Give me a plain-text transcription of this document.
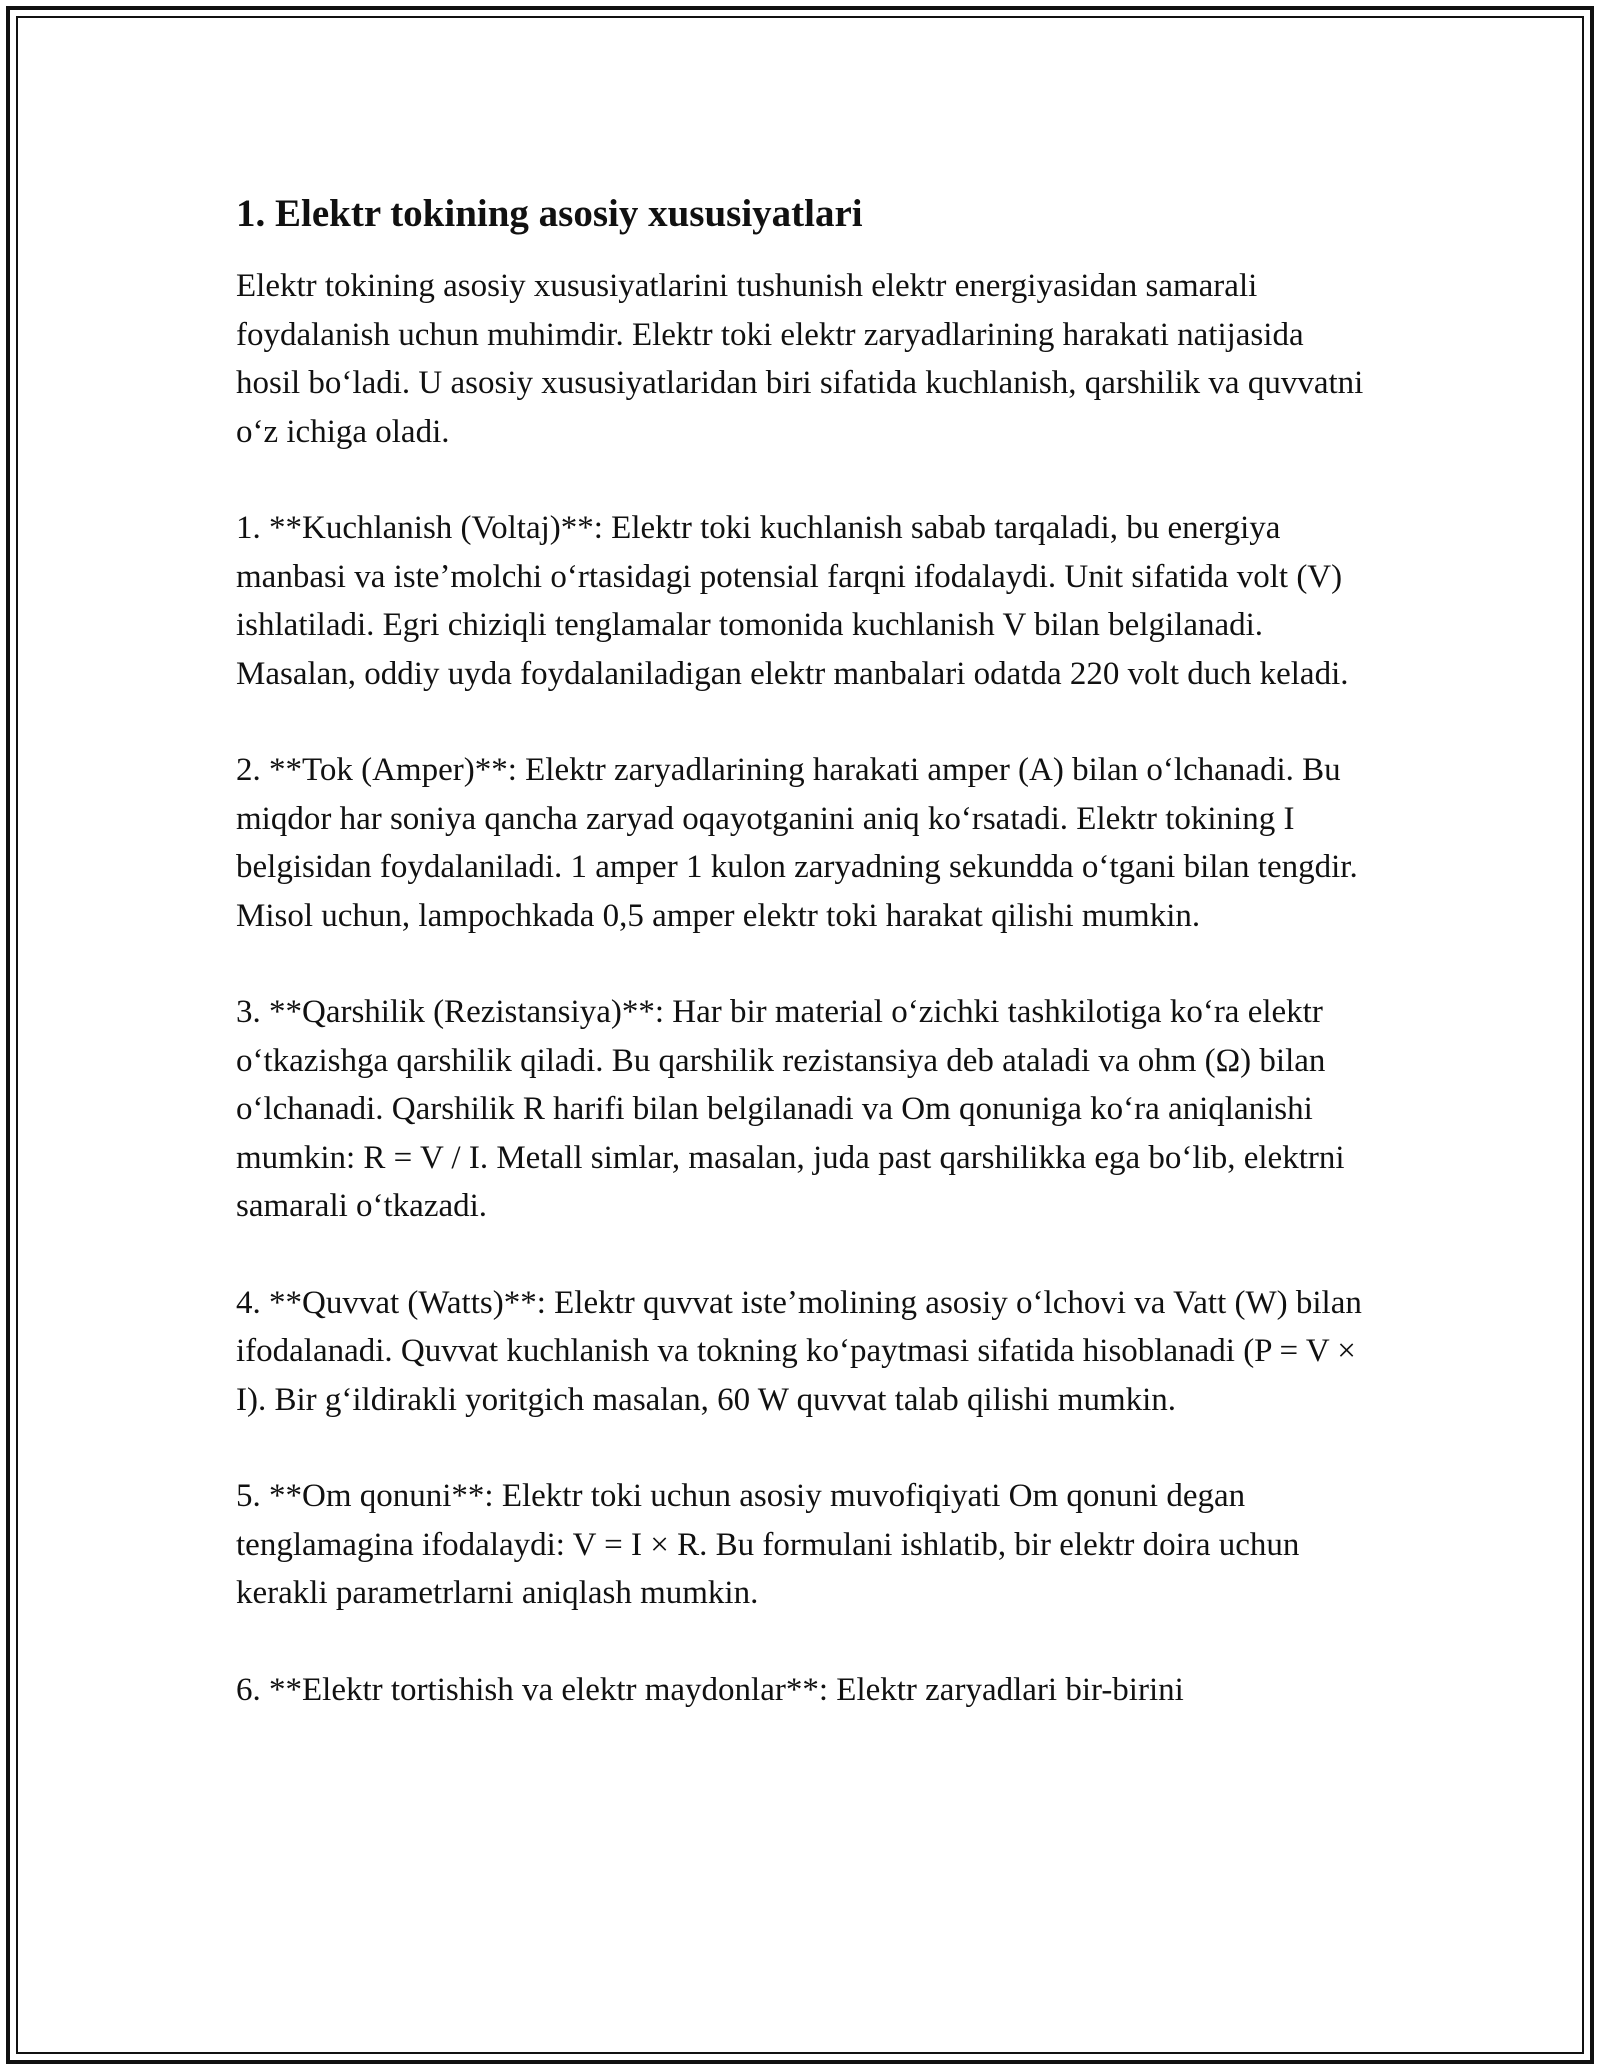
1. Elektr tokining asosiy xususiyatlari

Elektr tokining asosiy xususiyatlarini tushunish elektr energiyasidan samarali foydalanish uchun muhimdir. Elektr toki elektr zaryadlarining harakati natijasida hosil boʻladi. U asosiy xususiyatlaridan biri sifatida kuchlanish, qarshilik va quvvatni oʻz ichiga oladi.

1. **Kuchlanish (Voltaj)**: Elektr toki kuchlanish sabab tarqaladi, bu energiya manbasi va isteʼmolchi oʻrtasidagi potensial farqni ifodalaydi. Unit sifatida volt (V) ishlatiladi. Egri chiziqli tenglamalar tomonida kuchlanish V bilan belgilanadi. Masalan, oddiy uyda foydalaniladigan elektr manbalari odatda 220 volt duch keladi.

2. **Tok (Amper)**: Elektr zaryadlarining harakati amper (A) bilan oʻlchanadi. Bu miqdor har soniya qancha zaryad oqayotganini aniq koʻrsatadi. Elektr tokining I belgisidan foydalaniladi. 1 amper 1 kulon zaryadning sekundda oʻtgani bilan tengdir. Misol uchun, lampochkada 0,5 amper elektr toki harakat qilishi mumkin.

3. **Qarshilik (Rezistansiya)**: Har bir material oʻzichki tashkilotiga koʻra elektr oʻtkazishga qarshilik qiladi. Bu qarshilik rezistansiya deb ataladi va ohm (Ω) bilan oʻlchanadi. Qarshilik R harifi bilan belgilanadi va Om qonuniga koʻra aniqlanishi mumkin: R = V / I. Metall simlar, masalan, juda past qarshilikka ega boʻlib, elektrni samarali oʻtkazadi.

4. **Quvvat (Watts)**: Elektr quvvat isteʼmolining asosiy oʻlchovi va Vatt (W) bilan ifodalanadi. Quvvat kuchlanish va tokning koʻpaytmasi sifatida hisoblanadi (P = V × I). Bir gʻildirakli yoritgich masalan, 60 W quvvat talab qilishi mumkin.

5. **Om qonuni**: Elektr toki uchun asosiy muvofiqiyati Om qonuni degan tenglamagina ifodalaydi: V = I × R. Bu formulani ishlatib, bir elektr doira uchun kerakli parametrlarni aniqlash mumkin.

6. **Elektr tortishish va elektr maydonlar**: Elektr zaryadlari bir-birini
